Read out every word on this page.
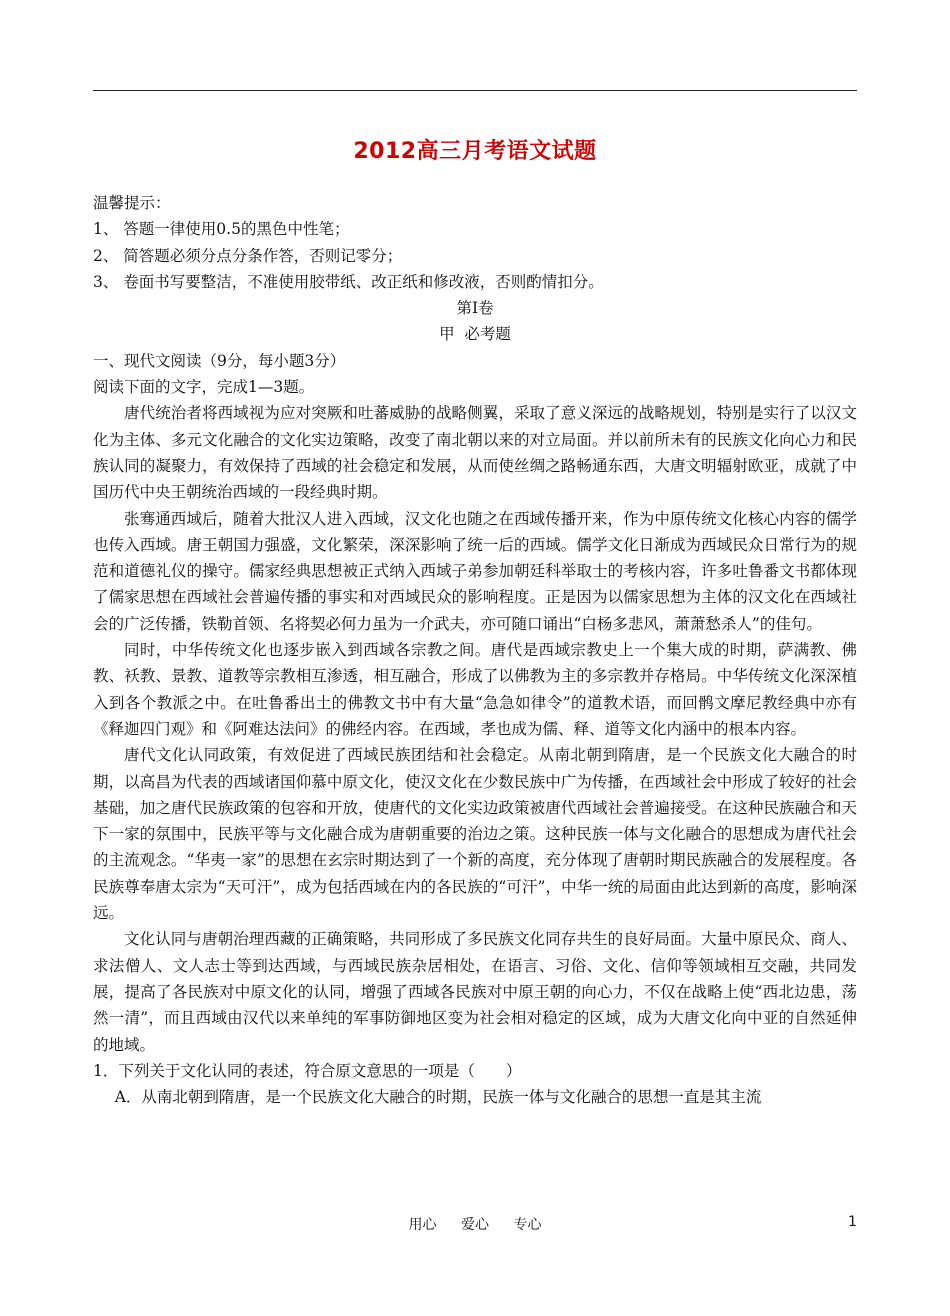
2012高三月考语文试题
温馨提示：
1、 答题一律使用0.5的黑色中性笔；
2、 简答题必须分点分条作答，否则记零分；
3、 卷面书写要整洁，不准使用胶带纸、改正纸和修改液，否则酌情扣分。
第Ⅰ卷
甲  必考题
一、现代文阅读（9分，每小题3分）
阅读下面的文字，完成1—3题。
唐代统治者将西域视为应对突厥和吐蕃威胁的战略侧翼，采取了意义深远的战略规划，特别是实行了以汉文化为主体、多元文化融合的文化实边策略，改变了南北朝以来的对立局面。并以前所未有的民族文化向心力和民族认同的凝聚力，有效保持了西域的社会稳定和发展，从而使丝绸之路畅通东西，大唐文明辐射欧亚，成就了中国历代中央王朝统治西域的一段经典时期。
张骞通西域后，随着大批汉人进入西域，汉文化也随之在西域传播开来，作为中原传统文化核心内容的儒学也传入西域。唐王朝国力强盛，文化繁荣，深深影响了统一后的西域。儒学文化日渐成为西域民众日常行为的规范和道德礼仪的操守。儒家经典思想被正式纳入西域子弟参加朝廷科举取士的考核内容，许多吐鲁番文书都体现了儒家思想在西域社会普遍传播的事实和对西域民众的影响程度。正是因为以儒家思想为主体的汉文化在西域社会的广泛传播，铁勒首领、名将契必何力虽为一介武夫，亦可随口诵出“白杨多悲风，萧萧愁杀人”的佳句。
同时，中华传统文化也逐步嵌入到西域各宗教之间。唐代是西域宗教史上一个集大成的时期，萨满教、佛教、袄教、景教、道教等宗教相互渗透，相互融合，形成了以佛教为主的多宗教并存格局。中华传统文化深深植入到各个教派之中。在吐鲁番出土的佛教文书中有大量“急急如律令”的道教术语，而回鹘文摩尼教经典中亦有《释迦四门观》和《阿难达法问》的佛经内容。在西域，孝也成为儒、释、道等文化内涵中的根本内容。
唐代文化认同政策，有效促进了西域民族团结和社会稳定。从南北朝到隋唐，是一个民族文化大融合的时期，以高昌为代表的西域诸国仰慕中原文化，使汉文化在少数民族中广为传播，在西域社会中形成了较好的社会基础，加之唐代民族政策的包容和开放，使唐代的文化实边政策被唐代西域社会普遍接受。在这种民族融合和天下一家的氛围中，民族平等与文化融合成为唐朝重要的治边之策。这种民族一体与文化融合的思想成为唐代社会的主流观念。“华夷一家”的思想在玄宗时期达到了一个新的高度，充分体现了唐朝时期民族融合的发展程度。各民族尊奉唐太宗为“天可汗”，成为包括西域在内的各民族的“可汗”，中华一统的局面由此达到新的高度，影响深远。
文化认同与唐朝治理西藏的正确策略，共同形成了多民族文化同存共生的良好局面。大量中原民众、商人、求法僧人、文人志士等到达西域，与西域民族杂居相处，在语言、习俗、文化、信仰等领域相互交融，共同发展，提高了各民族对中原文化的认同，增强了西域各民族对中原王朝的向心力，不仅在战略上使“西北边患，荡然一清”，而且西域由汉代以来单纯的军事防御地区变为社会相对稳定的区域，成为大唐文化向中亚的自然延伸的地域。
1．下列关于文化认同的表述，符合原文意思的一项是（　　）
A．从南北朝到隋唐，是一个民族文化大融合的时期，民族一体与文化融合的思想一直是其主流
用心 爱心 专心	1
